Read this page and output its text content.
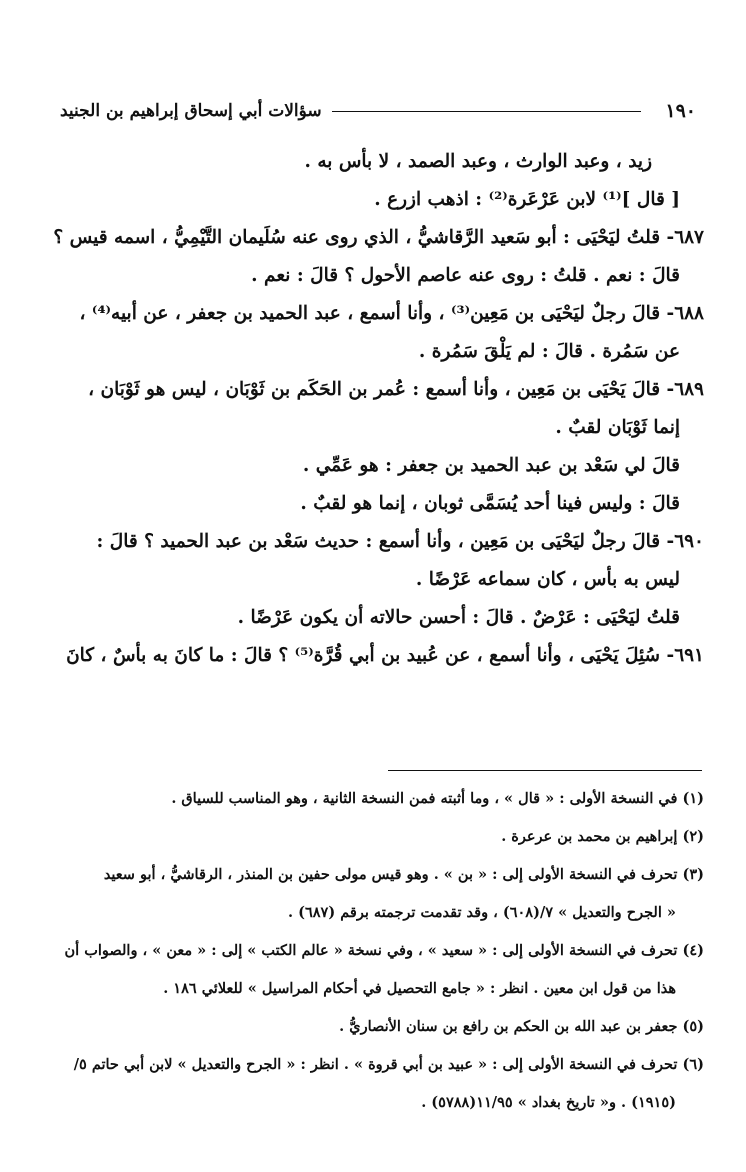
١٩٠
سؤالات أبي إسحاق إبراهيم بن الجنيد
زيد ، وعبد الوارث ، وعبد الصمد ، لا بأس به .
[ قال ]⁽¹⁾ لابن عَرْعَرة⁽²⁾ : اذهب ازرع .
٦٨٧- قلتُ ليَحْيَى : أبو سَعيد الرَّقاشيُّ ، الذي روى عنه سُلَيمان التَّيْمِيُّ ، اسمه قيس ؟
قالَ : نعم . قلتُ : روى عنه عاصم الأحول ؟ قالَ : نعم .
٦٨٨- قالَ رجلٌ ليَحْيَى بن مَعِين⁽³⁾ ، وأنا أسمع ، عبد الحميد بن جعفر ، عن أبيه⁽⁴⁾ ،
عن سَمُرة . قالَ : لم يَلْقَ سَمُرة .
٦٨٩- قالَ يَحْيَى بن مَعِين ، وأنا أسمع : عُمر بن الحَكَم بن ثَوْبَان ، ليس هو ثَوْبَان ،
إنما ثَوْبَان لقبٌ .
قالَ لي سَعْد بن عبد الحميد بن جعفر : هو عَمِّي .
قالَ : وليس فينا أحد يُسَمَّى ثوبان ، إنما هو لقبٌ .
٦٩٠- قالَ رجلٌ ليَحْيَى بن مَعِين ، وأنا أسمع : حديث سَعْد بن عبد الحميد ؟ قالَ :
ليس به بأس ، كان سماعه عَرْضًا .
قلتُ ليَحْيَى : عَرْضٌ . قالَ : أحسن حالاته أن يكون عَرْضًا .
٦٩١- سُئِلَ يَحْيَى ، وأنا أسمع ، عن عُبيد بن أبي قُرَّة⁽⁵⁾ ؟ قالَ : ما كانَ به بأسٌ ، كانَ
(١) في النسخة الأولى : « قال » ، وما أثبته فمن النسخة الثانية ، وهو المناسب للسياق .
(٢) إبراهيم بن محمد بن عرعرة .
(٣) تحرف في النسخة الأولى إلى : « بن » . وهو قيس مولى حفين بن المنذر ، الرقاشيُّ ، أبو سعيد
« الجرح والتعديل » ٧/(٦٠٨) ، وقد تقدمت ترجمته برقم (٦٨٧) .
(٤) تحرف في النسخة الأولى إلى : « سعيد » ، وفي نسخة « عالم الكتب » إلى : « معن » ، والصواب أن
هذا من قول ابن معين . انظر : « جامع التحصيل في أحكام المراسيل » للعلائي ١٨٦ .
(٥) جعفر بن عبد الله بن الحكم بن رافع بن سنان الأنصاريُّ .
(٦) تحرف في النسخة الأولى إلى : « عبيد بن أبي قروة » . انظر : « الجرح والتعديل » لابن أبي حاتم ٥/
(١٩١٥) . و« تاريخ بغداد » ١١/٩٥(٥٧٨٨) .
